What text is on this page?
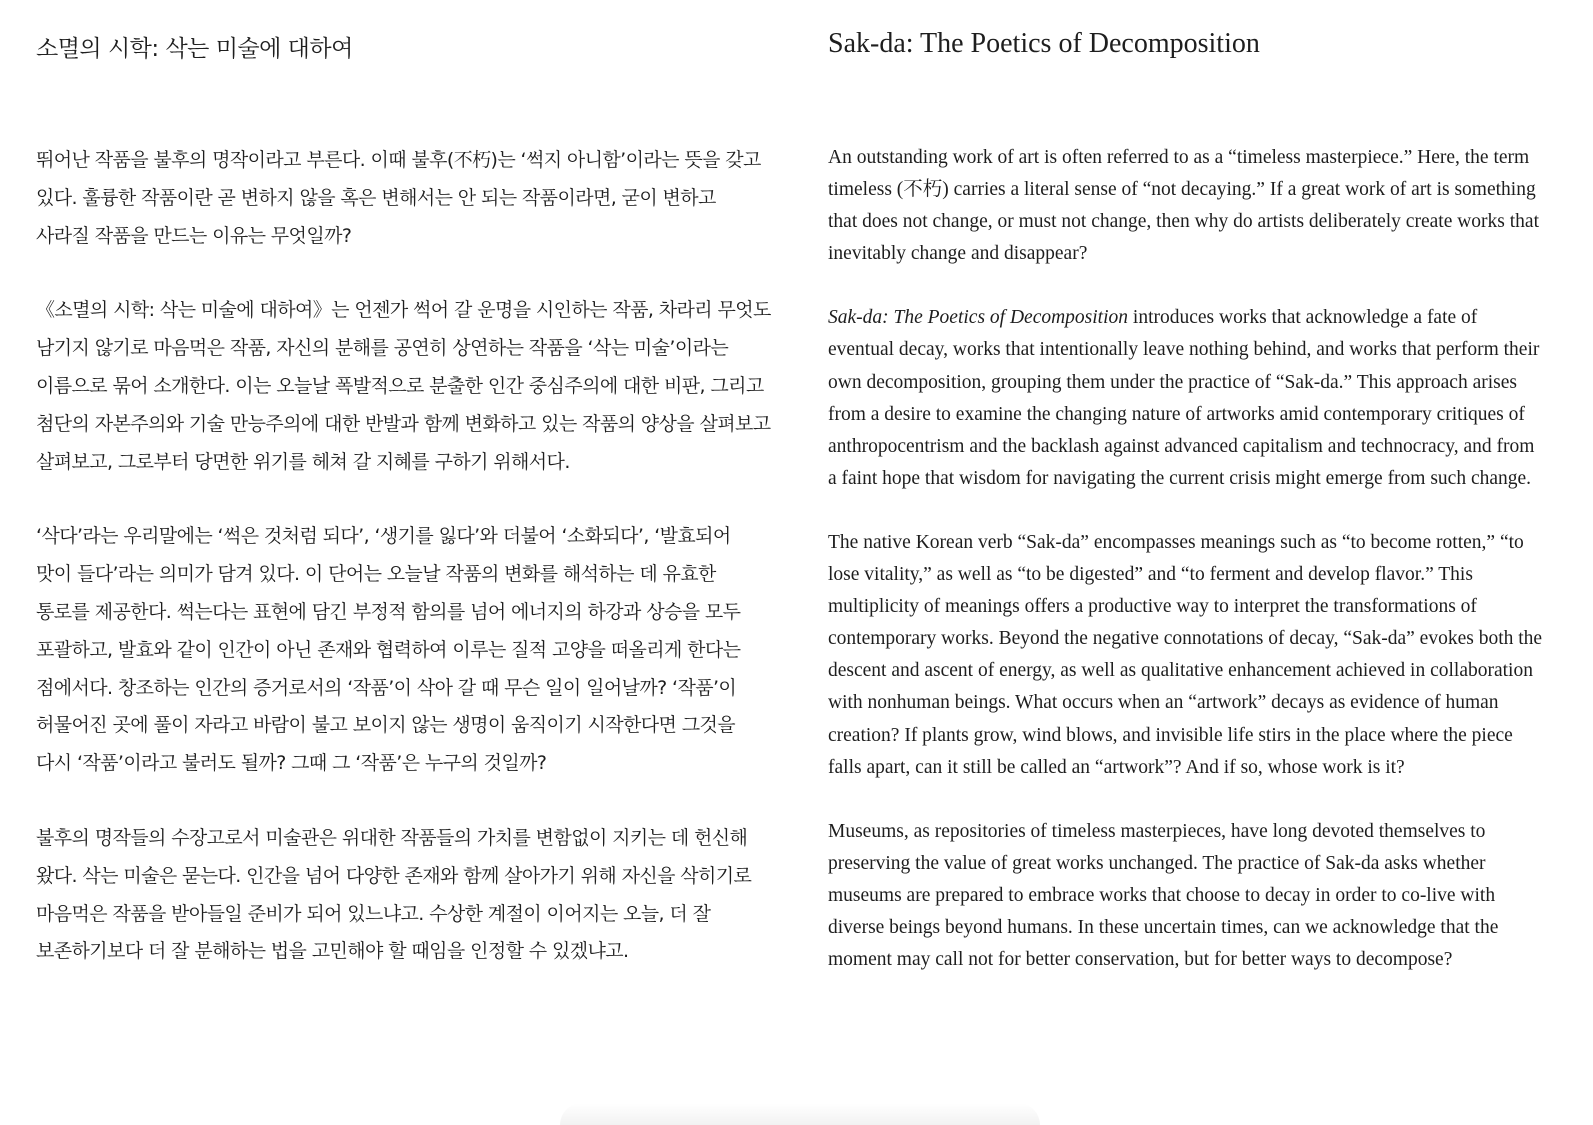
소멸의 시학: 삭는 미술에 대하여

뛰어난 작품을 불후의 명작이라고 부른다. 이때 불후(不朽)는 ‘썩지 아니함’이라는 뜻을 갖고 있다. 훌륭한 작품이란 곧 변하지 않을 혹은 변해서는 안 되는 작품이라면, 굳이 변하고 사라질 작품을 만드는 이유는 무엇일까?

《소멸의 시학: 삭는 미술에 대하여》는 언젠가 썩어 갈 운명을 시인하는 작품, 차라리 무엇도 남기지 않기로 마음먹은 작품, 자신의 분해를 공연히 상연하는 작품을 ‘삭는 미술’이라는 이름으로 묶어 소개한다. 이는 오늘날 폭발적으로 분출한 인간 중심주의에 대한 비판, 그리고 첨단의 자본주의와 기술 만능주의에 대한 반발과 함께 변화하고 있는 작품의 양상을 살펴보고 살펴보고, 그로부터 당면한 위기를 헤쳐 갈 지혜를 구하기 위해서다.

‘삭다’라는 우리말에는 ‘썩은 것처럼 되다’, ‘생기를 잃다’와 더불어 ‘소화되다’, ‘발효되어 맛이 들다’라는 의미가 담겨 있다. 이 단어는 오늘날 작품의 변화를 해석하는 데 유효한 통로를 제공한다. 썩는다는 표현에 담긴 부정적 함의를 넘어 에너지의 하강과 상승을 모두 포괄하고, 발효와 같이 인간이 아닌 존재와 협력하여 이루는 질적 고양을 떠올리게 한다는 점에서다. 창조하는 인간의 증거로서의 ‘작품’이 삭아 갈 때 무슨 일이 일어날까? ‘작품’이 허물어진 곳에 풀이 자라고 바람이 불고 보이지 않는 생명이 움직이기 시작한다면 그것을 다시 ‘작품’이라고 불러도 될까? 그때 그 ‘작품’은 누구의 것일까?

불후의 명작들의 수장고로서 미술관은 위대한 작품들의 가치를 변함없이 지키는 데 헌신해 왔다. 삭는 미술은 묻는다. 인간을 넘어 다양한 존재와 함께 살아가기 위해 자신을 삭히기로 마음먹은 작품을 받아들일 준비가 되어 있느냐고. 수상한 계절이 이어지는 오늘, 더 잘 보존하기보다 더 잘 분해하는 법을 고민해야 할 때임을 인정할 수 있겠냐고.

Sak-da: The Poetics of Decomposition

An outstanding work of art is often referred to as a “timeless masterpiece.” Here, the term timeless (不朽) carries a literal sense of “not decaying.” If a great work of art is something that does not change, or must not change, then why do artists deliberately create works that inevitably change and disappear?

Sak-da: The Poetics of Decomposition introduces works that acknowledge a fate of eventual decay, works that intentionally leave nothing behind, and works that perform their own decomposition, grouping them under the practice of “Sak-da.” This approach arises from a desire to examine the changing nature of artworks amid contemporary critiques of anthropocentrism and the backlash against advanced capitalism and technocracy, and from a faint hope that wisdom for navigating the current crisis might emerge from such change.

The native Korean verb “Sak-da” encompasses meanings such as “to become rotten,” “to lose vitality,” as well as “to be digested” and “to ferment and develop flavor.” This multiplicity of meanings offers a productive way to interpret the transformations of contemporary works. Beyond the negative connotations of decay, “Sak-da” evokes both the descent and ascent of energy, as well as qualitative enhancement achieved in collaboration with nonhuman beings. What occurs when an “artwork” decays as evidence of human creation? If plants grow, wind blows, and invisible life stirs in the place where the piece falls apart, can it still be called an “artwork”? And if so, whose work is it?

Museums, as repositories of timeless masterpieces, have long devoted themselves to preserving the value of great works unchanged. The practice of Sak-da asks whether museums are prepared to embrace works that choose to decay in order to co-live with diverse beings beyond humans. In these uncertain times, can we acknowledge that the moment may call not for better conservation, but for better ways to decompose?
